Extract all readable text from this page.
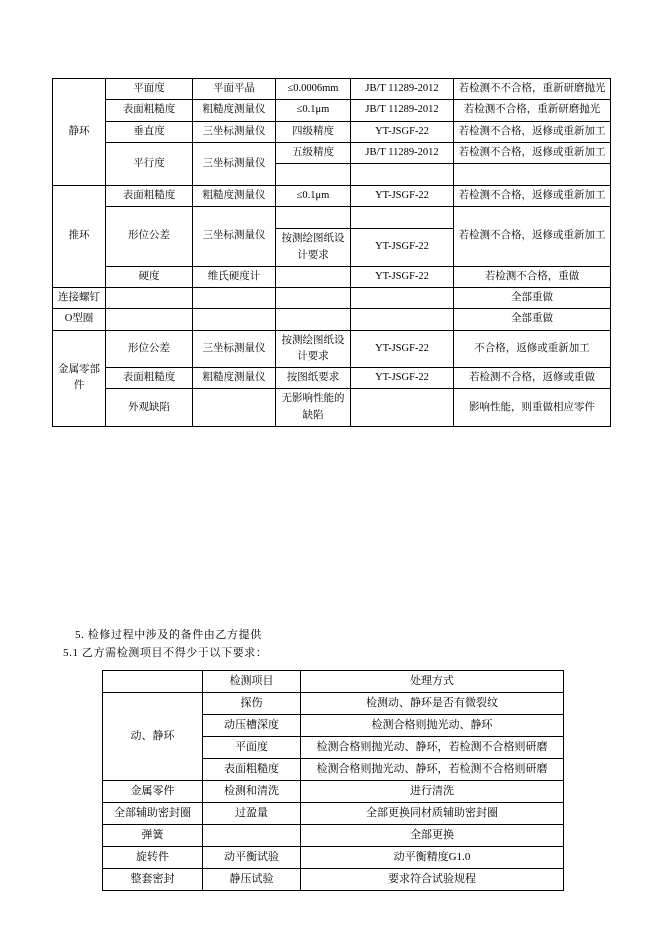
静环	平面度	平面平晶	≤0.0006mm	JB/T 11289-2012	若检测不不合格，重新研磨抛光
	表面粗糙度	粗糙度测量仪	≤0.1μm	JB/T 11289-2012	若检测不合格，重新研磨抛光
	垂直度	三坐标测量仪	四级精度	YT-JSGF-22	若检测不合格，返修或重新加工
	平行度	三坐标测量仪	五级精度	JB/T 11289-2012	若检测不合格，返修或重新加工

推环	表面粗糙度	粗糙度测量仪	≤0.1μm	YT-JSGF-22	若检测不合格，返修或重新加工
	形位公差	三坐标测量仪			若检测不合格，返修或重新加工
			按测绘图纸设计要求	YT-JSGF-22	
	硬度	维氏硬度计		YT-JSGF-22	若检测不合格，重做
连接螺钉					全部重做
O型圈					全部重做
金属零部件	形位公差	三坐标测量仪	按测绘图纸设计要求	YT-JSGF-22	不合格，返修或重新加工
	表面粗糙度	粗糙度测量仪	按图纸要求	YT-JSGF-22	若检测不合格，返修或重做
	外观缺陷		无影响性能的缺陷		影响性能，则重做相应零件
5. 检修过程中涉及的备件由乙方提供
5.1 乙方需检测项目不得少于以下要求：
	检测项目	处理方式
动、静环	探伤	检测动、静环是否有微裂纹
	动压槽深度	检测合格则抛光动、静环
	平面度	检测合格则抛光动、静环，若检测不合格则研磨
	表面粗糙度	检测合格则抛光动、静环，若检测不合格则研磨
金属零件	检测和清洗	进行清洗
全部辅助密封圈	过盈量	全部更换同材质辅助密封圈
弹簧		全部更换
旋转件	动平衡试验	动平衡精度G1.0
整套密封	静压试验	要求符合试验规程
